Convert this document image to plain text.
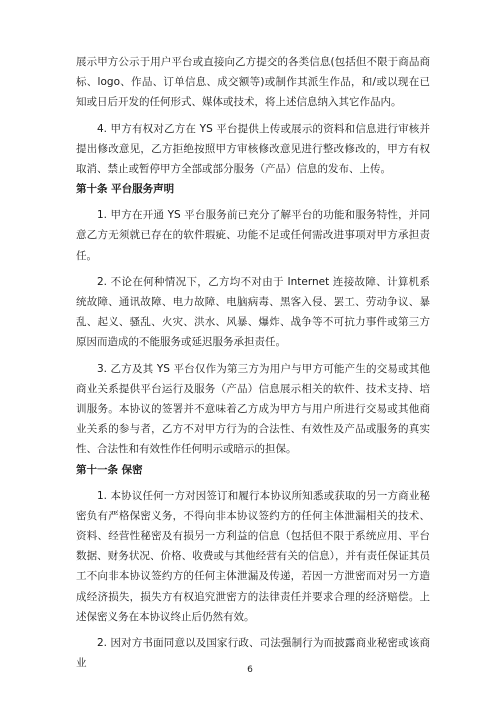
展示甲方公示于用户平台或直接向乙方提交的各类信息(包括但不限于商品商标、logo、作品、订单信息、成交额等)或制作其派生作品，和/或以现在已知或日后开发的任何形式、媒体或技术，将上述信息纳入其它作品内。

4. 甲方有权对乙方在 YS 平台提供上传或展示的资料和信息进行审核并提出修改意见，乙方拒绝按照甲方审核修改意见进行整改修改的，甲方有权取消、禁止或暂停甲方全部或部分服务（产品）信息的发布、上传。

第十条 平台服务声明

1. 甲方在开通 YS 平台服务前已充分了解平台的功能和服务特性，并同意乙方无须就已存在的软件瑕疵、功能不足或任何需改进事项对甲方承担责任。

2. 不论在何种情况下，乙方均不对由于 Internet 连接故障、计算机系统故障、通讯故障、电力故障、电脑病毒、黑客入侵、罢工、劳动争议、暴乱、起义、骚乱、火灾、洪水、风暴、爆炸、战争等不可抗力事件或第三方原因而造成的不能服务或延迟服务承担责任。

3. 乙方及其 YS 平台仅作为第三方为用户与甲方可能产生的交易或其他商业关系提供平台运行及服务（产品）信息展示相关的软件、技术支持、培训服务。本协议的签署并不意味着乙方成为甲方与用户所进行交易或其他商业关系的参与者，乙方不对甲方行为的合法性、有效性及产品或服务的真实性、合法性和有效性作任何明示或暗示的担保。

第十一条 保密

1. 本协议任何一方对因签订和履行本协议所知悉或获取的另一方商业秘密负有严格保密义务，不得向非本协议签约方的任何主体泄漏相关的技术、资料、经营性秘密及有损另一方利益的信息（包括但不限于系统应用、平台数据、财务状况、价格、收费或与其他经营有关的信息），并有责任保证其员工不向非本协议签约方的任何主体泄漏及传递，若因一方泄密而对另一方造成经济损失，损失方有权追究泄密方的法律责任并要求合理的经济赔偿。上述保密义务在本协议终止后仍然有效。

2. 因对方书面同意以及国家行政、司法强制行为而披露商业秘密或该商业

6
